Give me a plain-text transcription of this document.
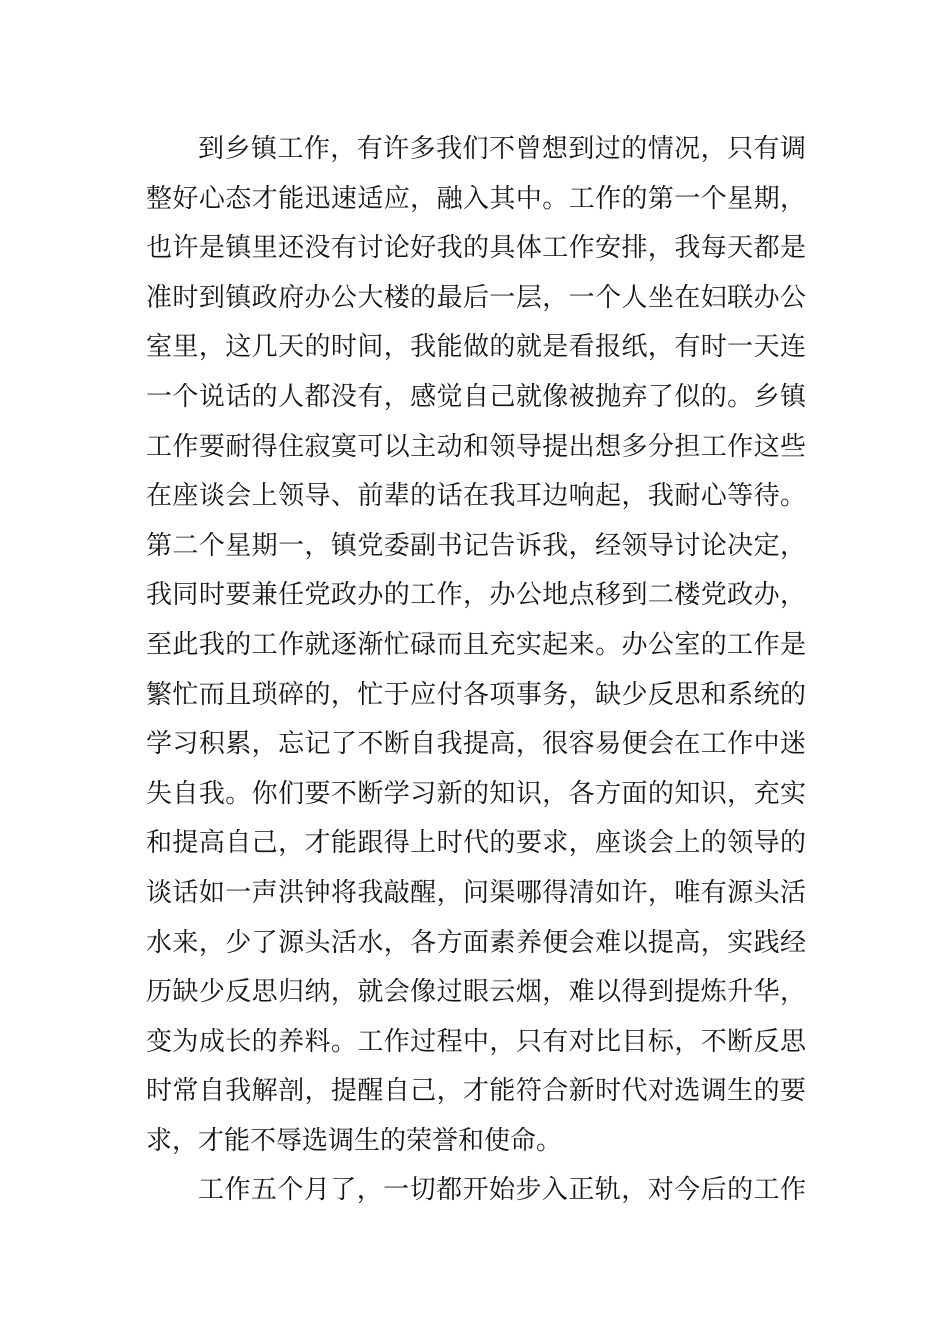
到乡镇工作，有许多我们不曾想到过的情况，只有调
整好心态才能迅速适应，融入其中。工作的第一个星期，
也许是镇里还没有讨论好我的具体工作安排，我每天都是
准时到镇政府办公大楼的最后一层，一个人坐在妇联办公
室里，这几天的时间，我能做的就是看报纸，有时一天连
一个说话的人都没有，感觉自己就像被抛弃了似的。乡镇
工作要耐得住寂寞可以主动和领导提出想多分担工作这些
在座谈会上领导、前辈的话在我耳边响起，我耐心等待。
第二个星期一，镇党委副书记告诉我，经领导讨论决定，
我同时要兼任党政办的工作，办公地点移到二楼党政办，
至此我的工作就逐渐忙碌而且充实起来。办公室的工作是
繁忙而且琐碎的，忙于应付各项事务，缺少反思和系统的
学习积累，忘记了不断自我提高，很容易便会在工作中迷
失自我。你们要不断学习新的知识，各方面的知识，充实
和提高自己，才能跟得上时代的要求，座谈会上的领导的
谈话如一声洪钟将我敲醒，问渠哪得清如许，唯有源头活
水来，少了源头活水，各方面素养便会难以提高，实践经
历缺少反思归纳，就会像过眼云烟，难以得到提炼升华，
变为成长的养料。工作过程中，只有对比目标，不断反思
时常自我解剖，提醒自己，才能符合新时代对选调生的要
求，才能不辱选调生的荣誉和使命。
工作五个月了，一切都开始步入正轨，对今后的工作
